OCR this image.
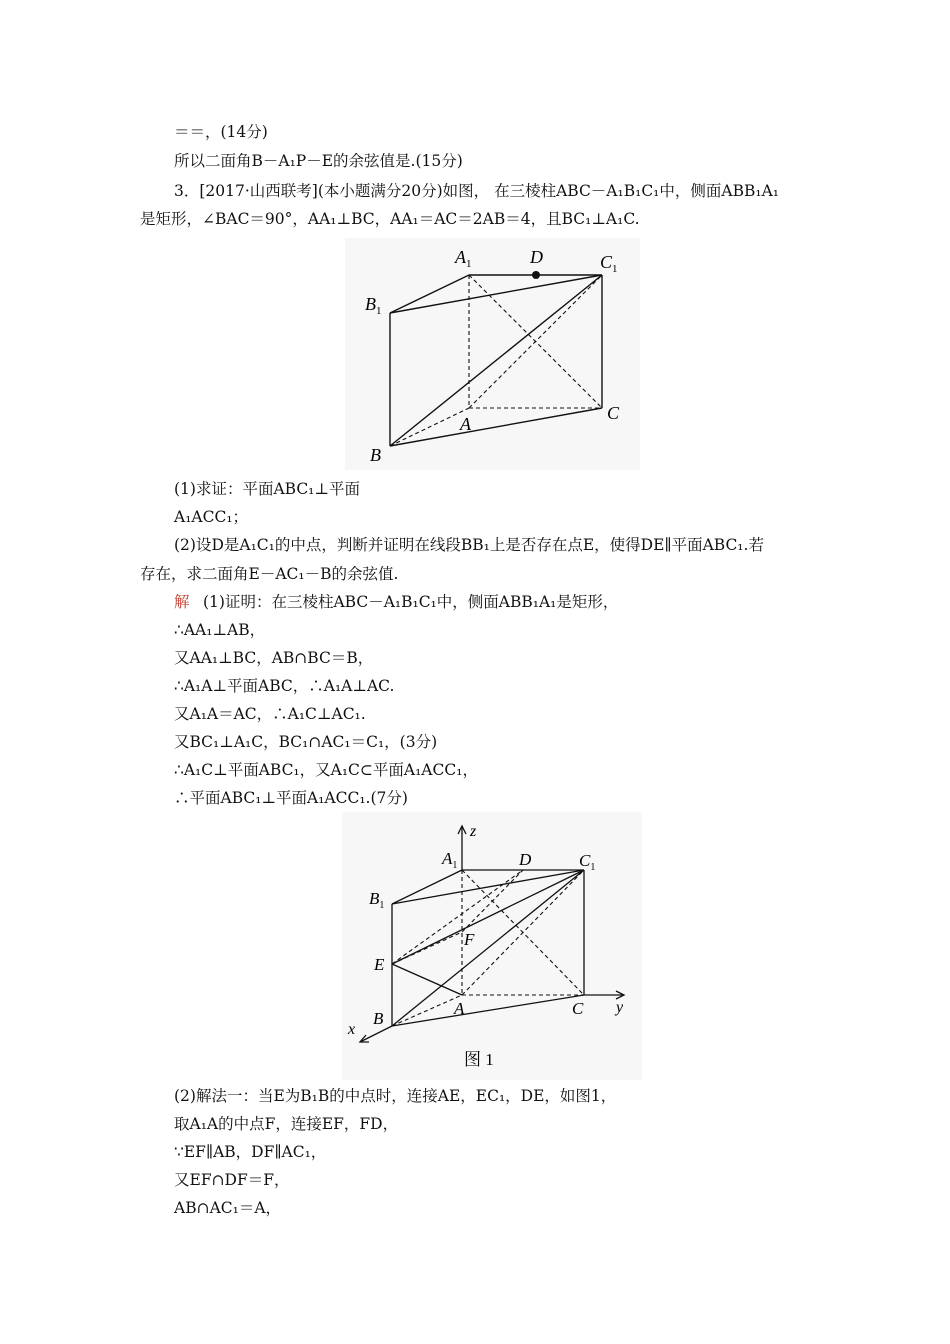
＝＝，(14分)
所以二面角B－A₁P－E的余弦值是.(15分)
3．[2017·山西联考](本小题满分20分)如图， 在三棱柱ABC－A₁B₁C₁中，侧面ABB₁A₁
是矩形，∠BAC＝90°，AA₁⊥BC，AA₁＝AC＝2AB＝4，且BC₁⊥A₁C.
$A_1$	D	$C_1$
$B_1$
A
C
B
(1)求证：平面ABC₁⊥平面
A₁ACC₁；
(2)设D是A₁C₁的中点，判断并证明在线段BB₁上是否存在点E，使得DE∥平面ABC₁.若
存在，求二面角E－AC₁－B的余弦值.
解 (1)证明：在三棱柱ABC－A₁B₁C₁中，侧面ABB₁A₁是矩形，
∴AA₁⊥AB，
又AA₁⊥BC，AB∩BC＝B，
∴A₁A⊥平面ABC，∴A₁A⊥AC.
又A₁A＝AC，∴A₁C⊥AC₁.
又BC₁⊥A₁C，BC₁∩AC₁＝C₁，(3分)
∴A₁C⊥平面ABC₁，又A₁C⊂平面A₁ACC₁，
∴平面ABC₁⊥平面A₁ACC₁.(7分)
z
y
x
$A_1$	D	$C_1$
$B_1$
F
E
A	C
B
图 1
(2)解法一：当E为B₁B的中点时，连接AE，EC₁，DE，如图1，
取A₁A的中点F，连接EF，FD，
∵EF∥AB，DF∥AC₁，
又EF∩DF＝F，
AB∩AC₁＝A，
